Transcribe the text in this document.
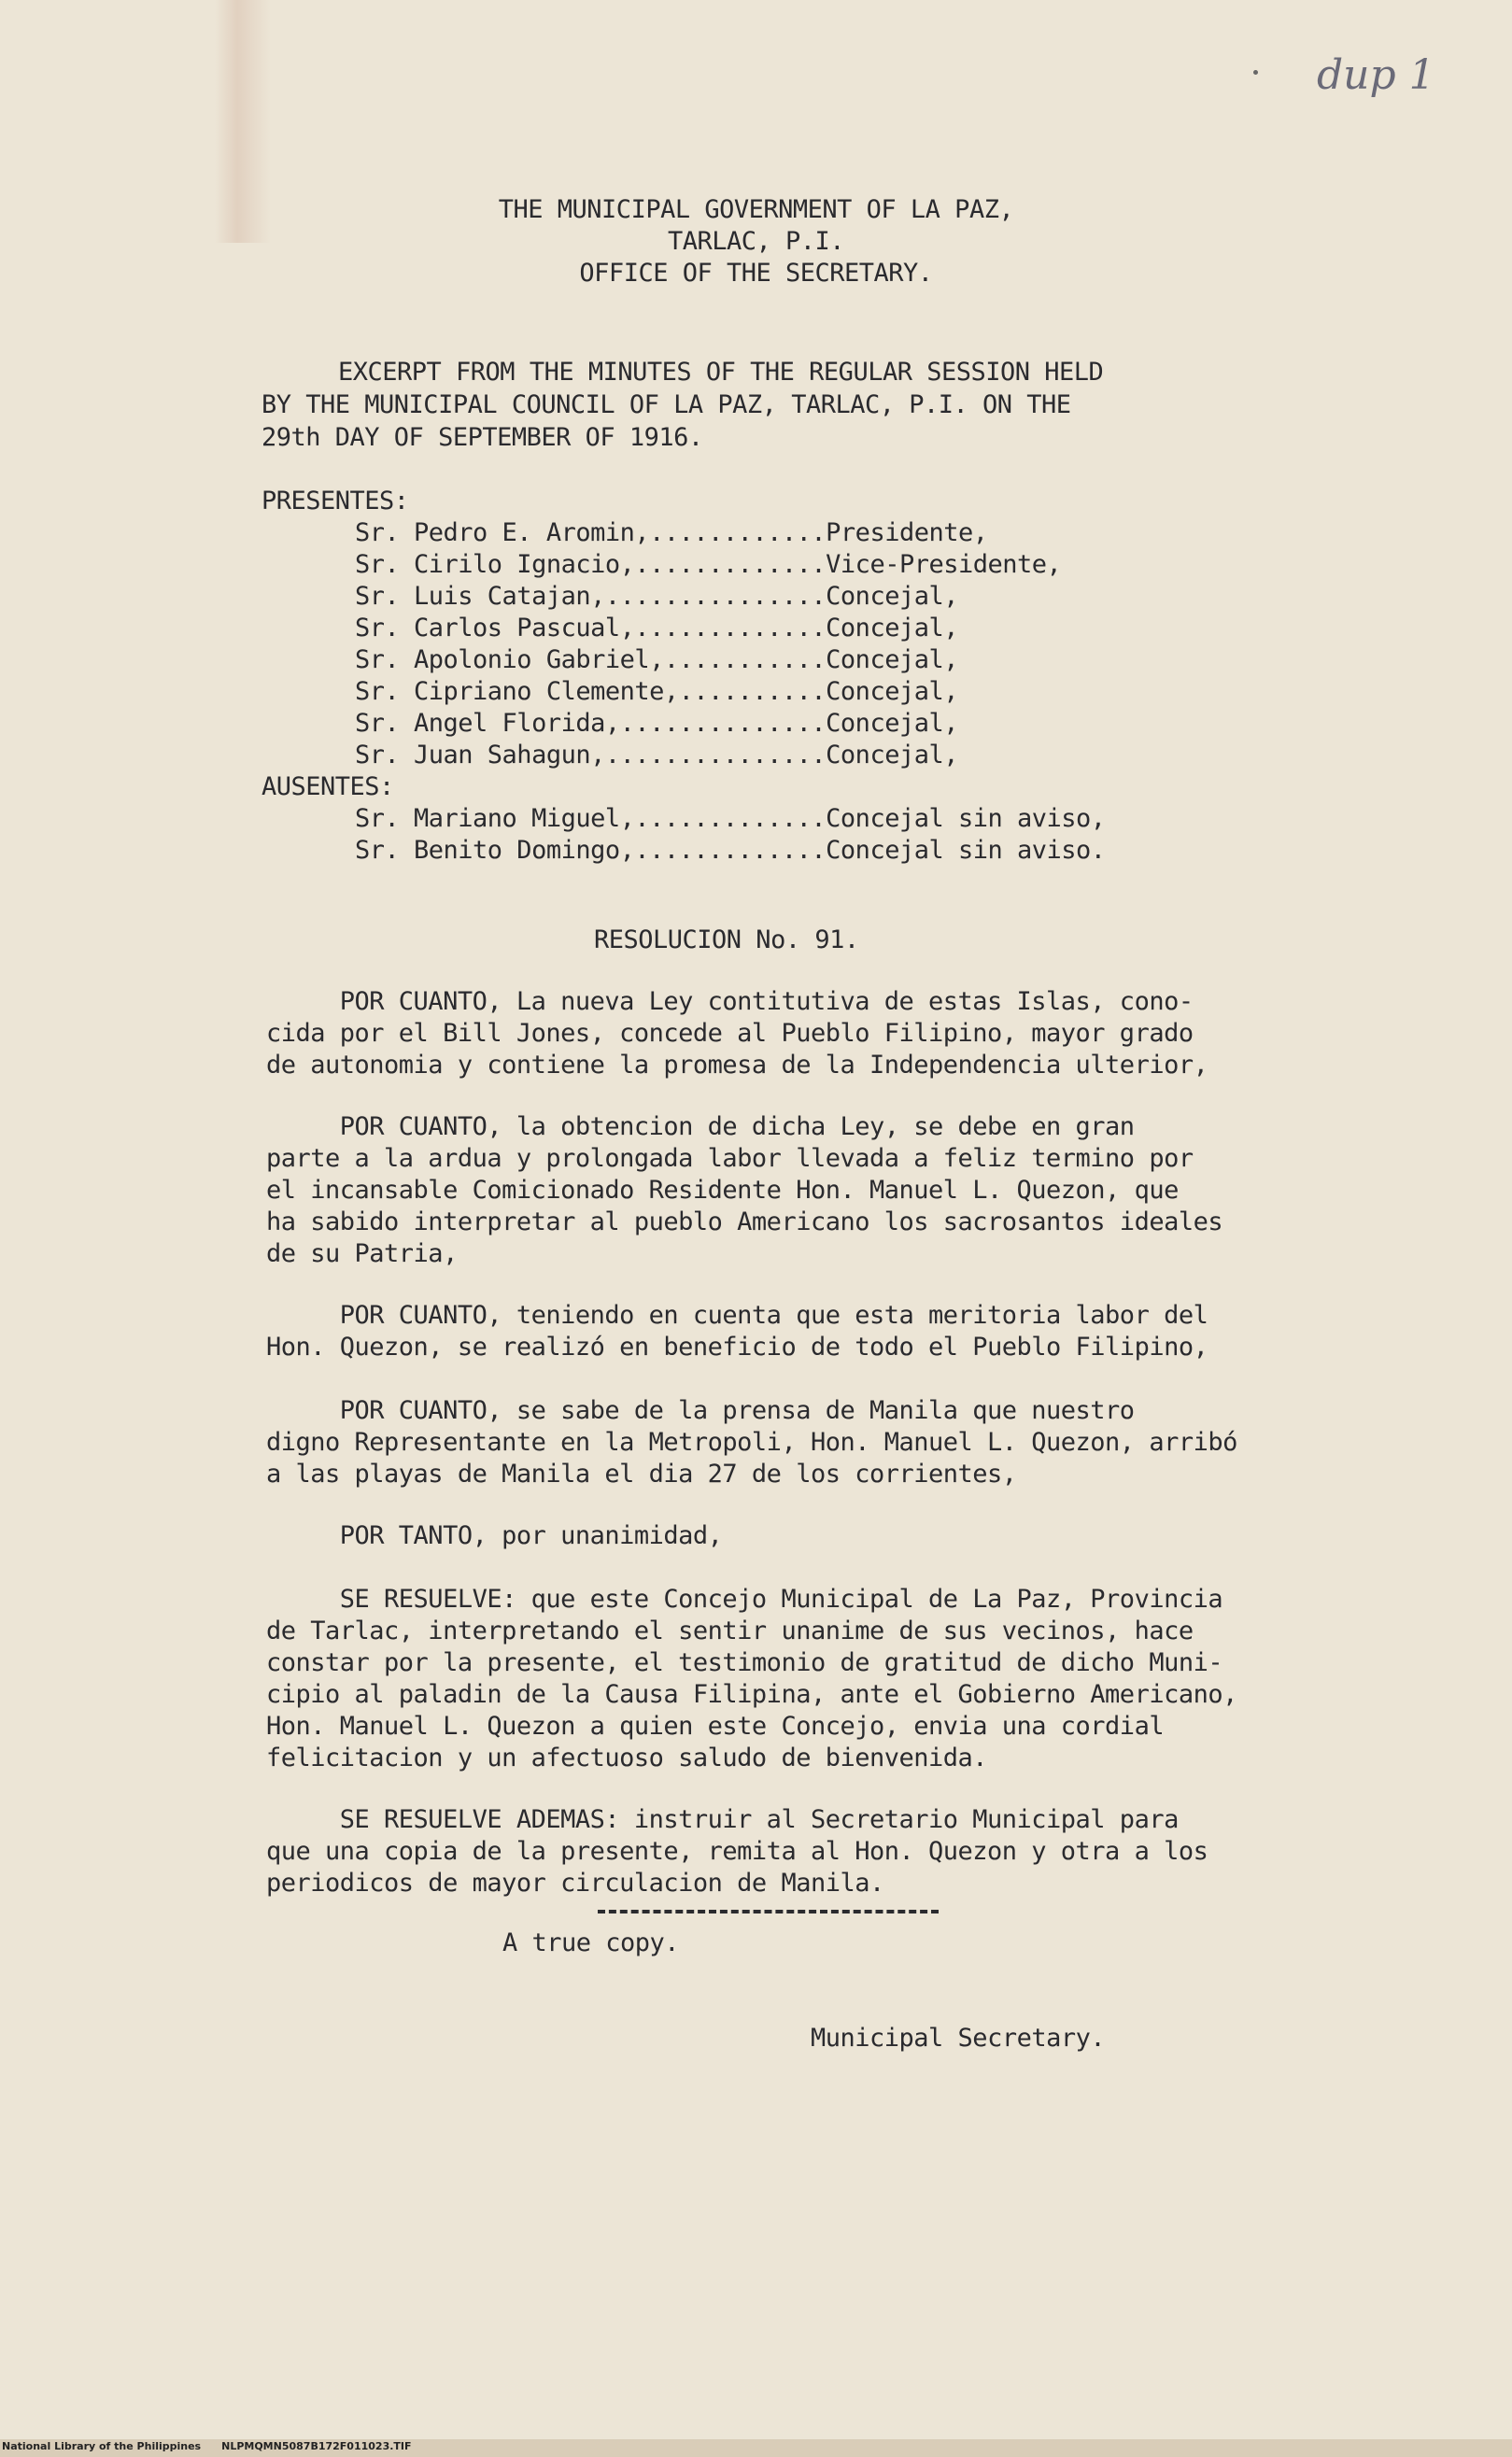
dup 1
THE MUNICIPAL GOVERNMENT OF LA PAZ,
TARLAC, P.I.
OFFICE OF THE SECRETARY.
EXCERPT FROM THE MINUTES OF THE REGULAR SESSION HELD
BY THE MUNICIPAL COUNCIL OF LA PAZ, TARLAC, P.I. ON THE
29th DAY OF SEPTEMBER OF 1916.
PRESENTES:
Sr. Pedro E. Aromin,............Presidente,
Sr. Cirilo Ignacio,.............Vice-Presidente,
Sr. Luis Catajan,...............Concejal,
Sr. Carlos Pascual,.............Concejal,
Sr. Apolonio Gabriel,...........Concejal,
Sr. Cipriano Clemente,..........Concejal,
Sr. Angel Florida,..............Concejal,
Sr. Juan Sahagun,...............Concejal,
AUSENTES:
Sr. Mariano Miguel,.............Concejal sin aviso,
Sr. Benito Domingo,.............Concejal sin aviso.
RESOLUCION No. 91.
POR CUANTO, La nueva Ley contitutiva de estas Islas, cono-
cida por el Bill Jones, concede al Pueblo Filipino, mayor grado
de autonomia y contiene la promesa de la Independencia ulterior,
POR CUANTO, la obtencion de dicha Ley, se debe en gran
parte a la ardua y prolongada labor llevada a feliz termino por
el incansable Comicionado Residente Hon. Manuel L. Quezon, que
ha sabido interpretar al pueblo Americano los sacrosantos ideales
de su Patria,
POR CUANTO, teniendo en cuenta que esta meritoria labor del
Hon. Quezon, se realizó en beneficio de todo el Pueblo Filipino,
POR CUANTO, se sabe de la prensa de Manila que nuestro
digno Representante en la Metropoli, Hon. Manuel L. Quezon, arribó
a las playas de Manila el dia 27 de los corrientes,
POR TANTO, por unanimidad,
SE RESUELVE: que este Concejo Municipal de La Paz, Provincia
de Tarlac, interpretando el sentir unanime de sus vecinos, hace
constar por la presente, el testimonio de gratitud de dicho Muni-
cipio al paladin de la Causa Filipina, ante el Gobierno Americano,
Hon. Manuel L. Quezon a quien este Concejo, envia una cordial
felicitacion y un afectuoso saludo de bienvenida.
SE RESUELVE ADEMAS: instruir al Secretario Municipal para
que una copia de la presente, remita al Hon. Quezon y otra a los
periodicos de mayor circulacion de Manila.
A true copy.
Municipal Secretary.
National Library of the Philippines NLPMQMN5087B172F011023.TIF
